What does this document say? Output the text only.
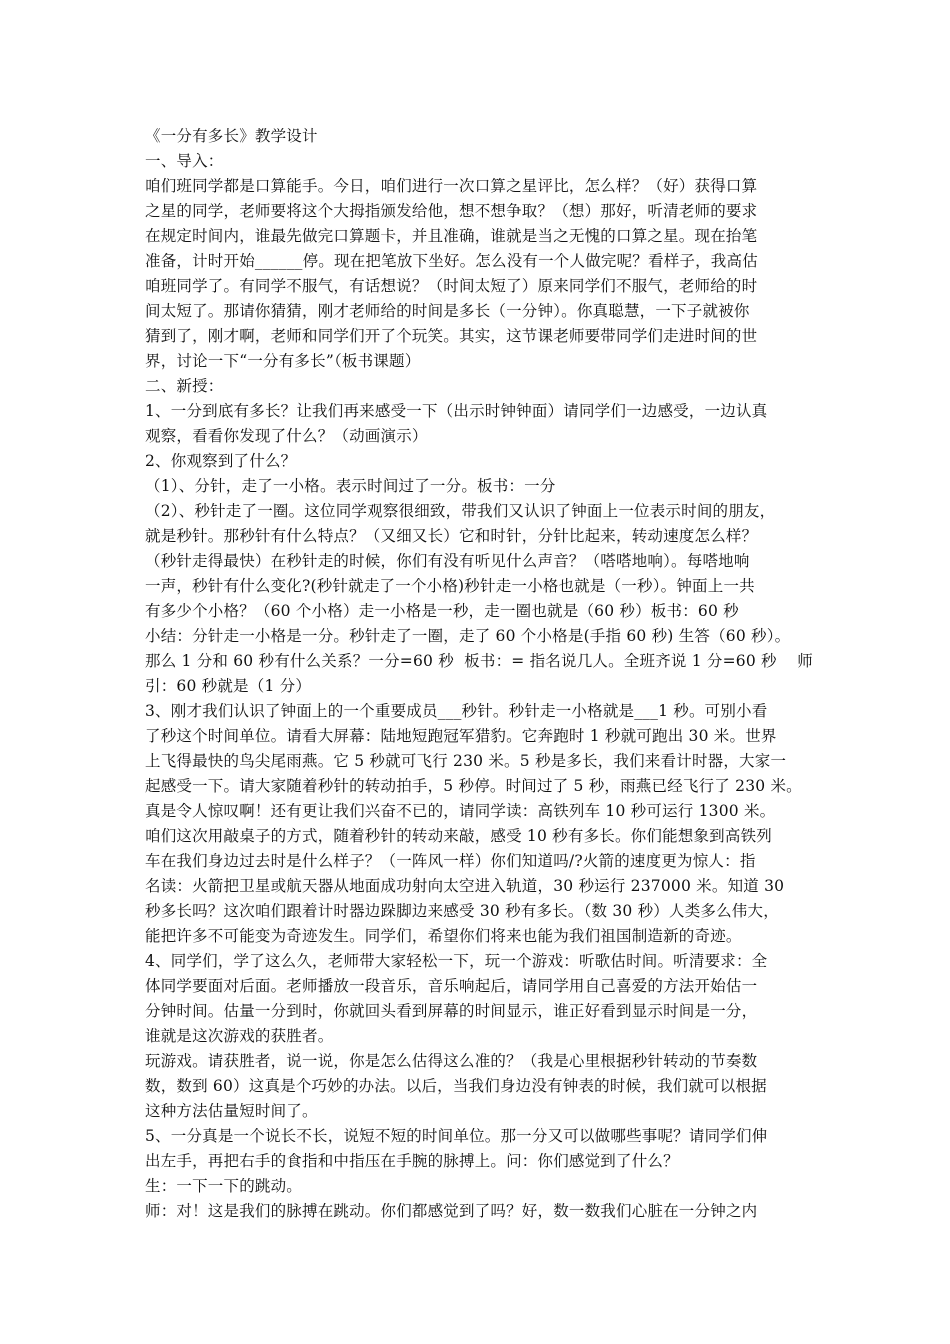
《一分有多长》教学设计
一、导入：
咱们班同学都是口算能手。今日，咱们进行一次口算之星评比，怎么样？（好）获得口算
之星的同学，老师要将这个大拇指颁发给他，想不想争取？（想）那好，听清老师的要求
在规定时间内，谁最先做完口算题卡，并且准确，谁就是当之无愧的口算之星。现在抬笔
准备，计时开始______停。现在把笔放下坐好。怎么没有一个人做完呢？看样子，我高估
咱班同学了。有同学不服气，有话想说？（时间太短了）原来同学们不服气，老师给的时
间太短了。那请你猜猜，刚才老师给的时间是多长（一分钟）。你真聪慧，一下子就被你
猜到了，刚才啊，老师和同学们开了个玩笑。其实，这节课老师要带同学们走进时间的世
界，讨论一下“一分有多长”（板书课题）
二、新授：
1、一分到底有多长？让我们再来感受一下（出示时钟钟面）请同学们一边感受，一边认真
观察，看看你发现了什么？（动画演示）
2、你观察到了什么？
（1）、分针，走了一小格。表示时间过了一分。板书：一分
（2）、秒针走了一圈。这位同学观察很细致，带我们又认识了钟面上一位表示时间的朋友，
就是秒针。那秒针有什么特点？（又细又长）它和时针，分针比起来，转动速度怎么样？
（秒针走得最快）在秒针走的时候，你们有没有听见什么声音？（嗒嗒地响）。每嗒地响
一声，秒针有什么变化?(秒针就走了一个小格)秒针走一小格也就是（一秒）。钟面上一共
有多少个小格？（60 个小格）走一小格是一秒，走一圈也就是（60 秒）板书：60 秒
小结：分针走一小格是一分。秒针走了一圈，走了 60 个小格是(手指 60 秒) 生答（60 秒）。
那么 1 分和 60 秒有什么关系？一分=60 秒  板书：= 指名说几人。全班齐说 1 分=60 秒    师
引：60 秒就是（1 分）
3、刚才我们认识了钟面上的一个重要成员___秒针。秒针走一小格就是___1 秒。可别小看
了秒这个时间单位。请看大屏幕：陆地短跑冠军猎豹。它奔跑时 1 秒就可跑出 30 米。世界
上飞得最快的鸟尖尾雨燕。它 5 秒就可飞行 230 米。5 秒是多长，我们来看计时器，大家一
起感受一下。请大家随着秒针的转动拍手，5 秒停。时间过了 5 秒，雨燕已经飞行了 230 米。
真是令人惊叹啊！还有更让我们兴奋不已的，请同学读：高铁列车 10 秒可运行 1300 米。
咱们这次用敲桌子的方式，随着秒针的转动来敲，感受 10 秒有多长。你们能想象到高铁列
车在我们身边过去时是什么样子？（一阵风一样）你们知道吗/?火箭的速度更为惊人：指
名读：火箭把卫星或航天器从地面成功射向太空进入轨道，30 秒运行 237000 米。知道 30
秒多长吗？这次咱们跟着计时器边跺脚边来感受 30 秒有多长。（数 30 秒）人类多么伟大，
能把许多不可能变为奇迹发生。同学们，希望你们将来也能为我们祖国制造新的奇迹。
4、同学们，学了这么久，老师带大家轻松一下，玩一个游戏：听歌估时间。听清要求：全
体同学要面对后面。老师播放一段音乐，音乐响起后，请同学用自己喜爱的方法开始估一
分钟时间。估量一分到时，你就回头看到屏幕的时间显示，谁正好看到显示时间是一分，
谁就是这次游戏的获胜者。
玩游戏。请获胜者，说一说，你是怎么估得这么准的？（我是心里根据秒针转动的节奏数
数，数到 60）这真是个巧妙的办法。以后，当我们身边没有钟表的时候，我们就可以根据
这种方法估量短时间了。
5、一分真是一个说长不长，说短不短的时间单位。那一分又可以做哪些事呢？请同学们伸
出左手，再把右手的食指和中指压在手腕的脉搏上。问：你们感觉到了什么？
生：一下一下的跳动。
师：对！这是我们的脉搏在跳动。你们都感觉到了吗？好，数一数我们心脏在一分钟之内
